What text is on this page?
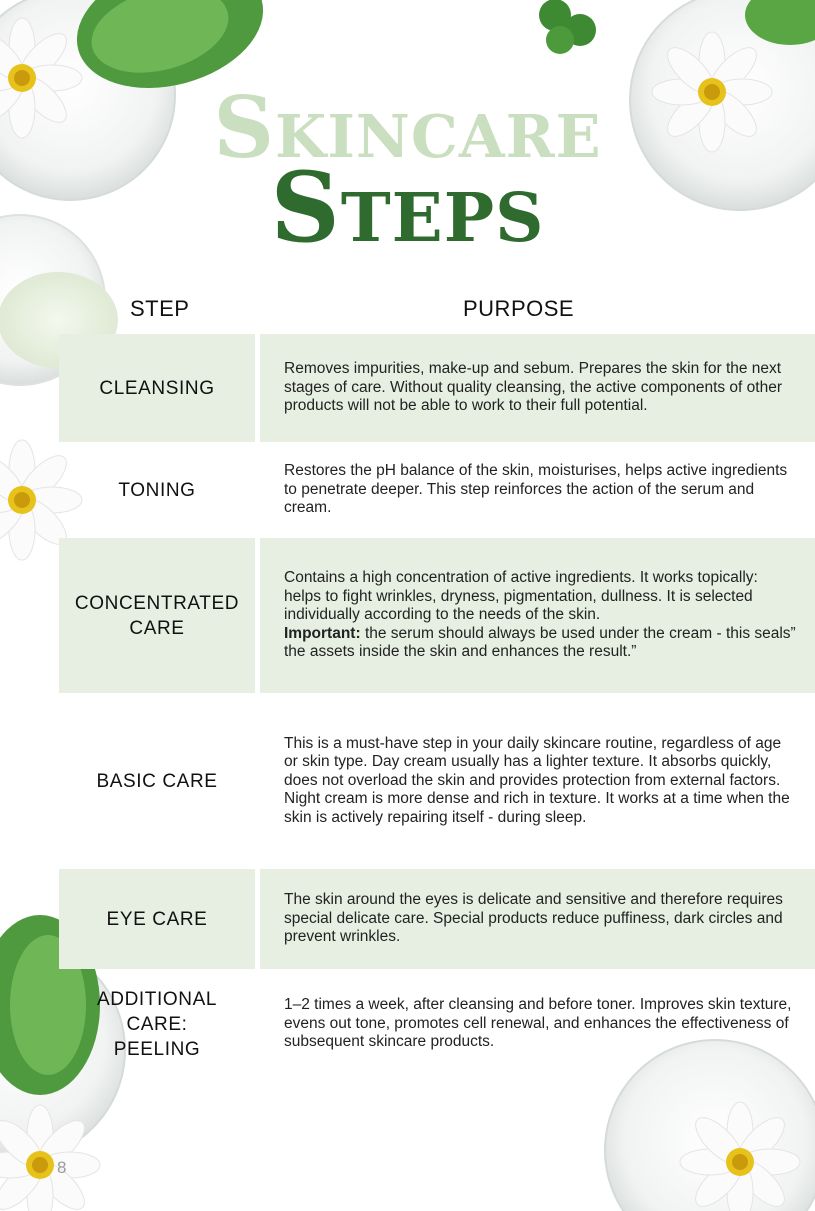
Skincare
Steps
STEP	PURPOSE
CLEANSING
Removes impurities, make-up and sebum. Prepares the skin for the next stages of care. Without quality cleansing, the active components of other products will not be able to work to their full potential.
TONING
Restores the pH balance of the skin, moisturises, helps active ingredients to penetrate deeper. This step reinforces the action of the serum and cream.
CONCENTRATED CARE
Contains a high concentration of active ingredients. It works topically: helps to fight wrinkles, dryness, pigmentation, dullness. It is selected individually according to the needs of the skin.
Important: the serum should always be used under the cream - this seals” the assets inside the skin and enhances the result.”
BASIC CARE
This is a must-have step in your daily skincare routine, regardless of age or skin type. Day cream usually has a lighter texture. It absorbs quickly, does not overload the skin and provides protection from external factors. Night cream is more dense and rich in texture. It works at a time when the skin is actively repairing itself - during sleep.
EYE CARE
The skin around the eyes is delicate and sensitive and therefore requires special delicate care. Special products reduce puffiness, dark circles and prevent wrinkles.
ADDITIONAL CARE: PEELING
1–2 times a week, after cleansing and before toner. Improves skin texture, evens out tone, promotes cell renewal, and enhances the effectiveness of subsequent skincare products.
8
